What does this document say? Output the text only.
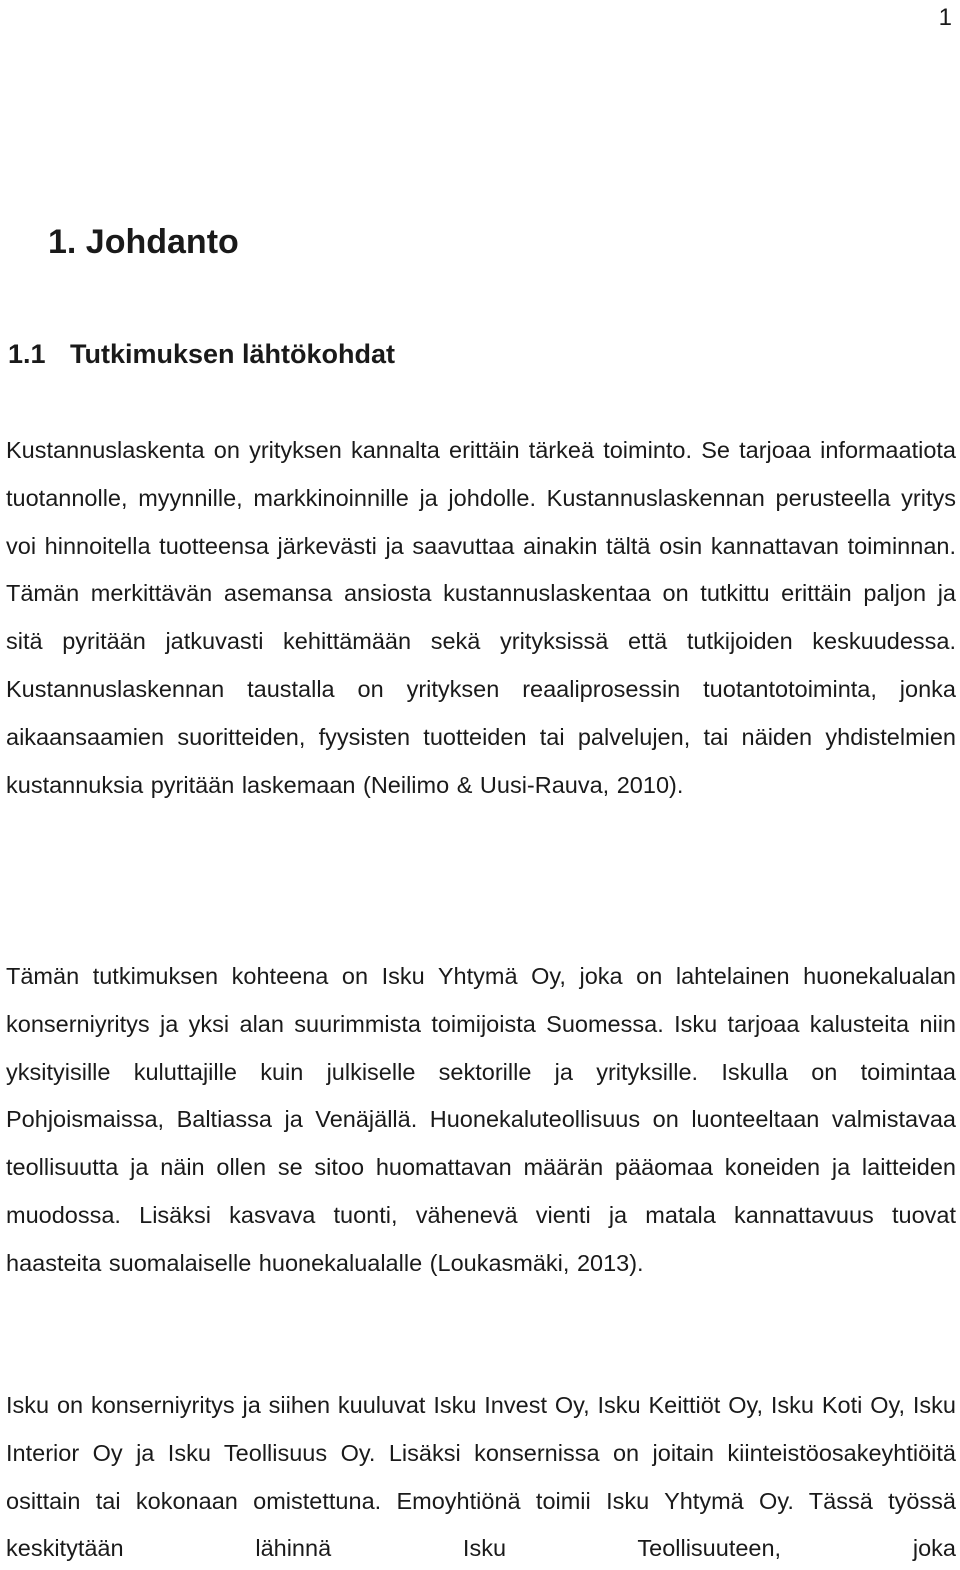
1
1. Johdanto
1.1 Tutkimuksen lähtökohdat

Kustannuslaskenta on yrityksen kannalta erittäin tärkeä toiminto. Se tarjoaa informaatiota tuotannolle, myynnille, markkinoinnille ja johdolle. Kustannuslaskennan perusteella yritys voi hinnoitella tuotteensa järkevästi ja saavuttaa ainakin tältä osin kannattavan toiminnan. Tämän merkittävän asemansa ansiosta kustannuslaskentaa on tutkittu erittäin paljon ja sitä pyritään jatkuvasti kehittämään sekä yrityksissä että tutkijoiden keskuudessa. Kustannuslaskennan taustalla on yrityksen reaaliprosessin tuotantotoiminta, jonka aikaansaamien suoritteiden, fyysisten tuotteiden tai palvelujen, tai näiden yhdistelmien kustannuksia pyritään laskemaan (Neilimo & Uusi-Rauva, 2010).

Tämän tutkimuksen kohteena on Isku Yhtymä Oy, joka on lahtelainen huonekalualan konserniyritys ja yksi alan suurimmista toimijoista Suomessa. Isku tarjoaa kalusteita niin yksityisille kuluttajille kuin julkiselle sektorille ja yrityksille. Iskulla on toimintaa Pohjoismaissa, Baltiassa ja Venäjällä. Huonekaluteollisuus on luonteeltaan valmistavaa teollisuutta ja näin ollen se sitoo huomattavan määrän pääomaa koneiden ja laitteiden muodossa. Lisäksi kasvava tuonti, vähenevä vienti ja matala kannattavuus tuovat haasteita suomalaiselle huonekalualalle (Loukasmäki, 2013).

Isku on konserniyritys ja siihen kuuluvat Isku Invest Oy, Isku Keittiöt Oy, Isku Koti Oy, Isku Interior Oy ja Isku Teollisuus Oy. Lisäksi konsernissa on joitain kiinteistöosakeyhtiöitä osittain tai kokonaan omistettuna. Emoyhtiönä toimii Isku Yhtymä Oy. Tässä työssä keskitytään lähinnä Isku Teollisuuteen, joka
